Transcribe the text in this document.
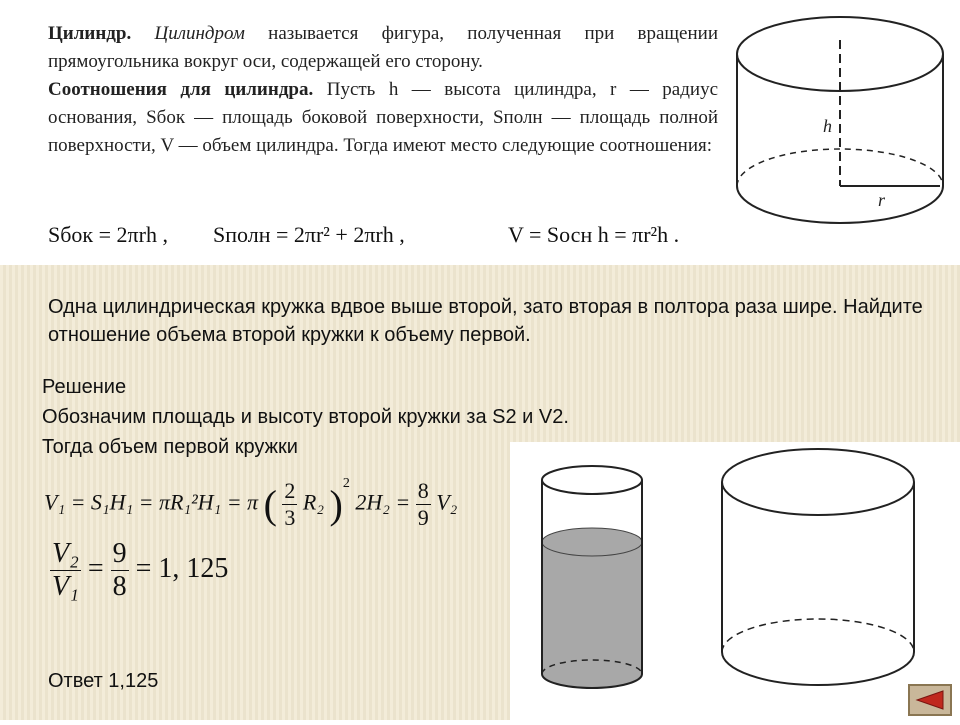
Цилиндр. Цилиндром называется фигура, полученная при вращении прямоугольника вокруг оси, содержащей его сторону.
Соотношения для цилиндра. Пусть h — высота цилиндра, r — радиус основания, Sбок — площадь боковой поверхности, Sполн — площадь полной поверхности, V — объем цилиндра. Тогда имеют место следующие соотношения:
Sбок = 2πrh , Sполн = 2πr² + 2πrh ,	V = Sосн h = πr²h .
h
r
Одна цилиндрическая кружка вдвое выше второй, зато вторая в полтора раза шире. Найдите отношение объема второй кружки к объему первой.
Решение
Обозначим площадь и высоту второй кружки за S2 и V2.
Тогда объем первой кружки
V₁ = S₁H₁ = πR₁²H₁ = π ( $\frac{2}{3} R_2$ )$^2$ $2H_2 = \frac{8}{9} V_2$
$\frac{\text{V₂}}{\text{V₁}} = \frac{9}{8} = 1$, 125
Ответ 1,125
